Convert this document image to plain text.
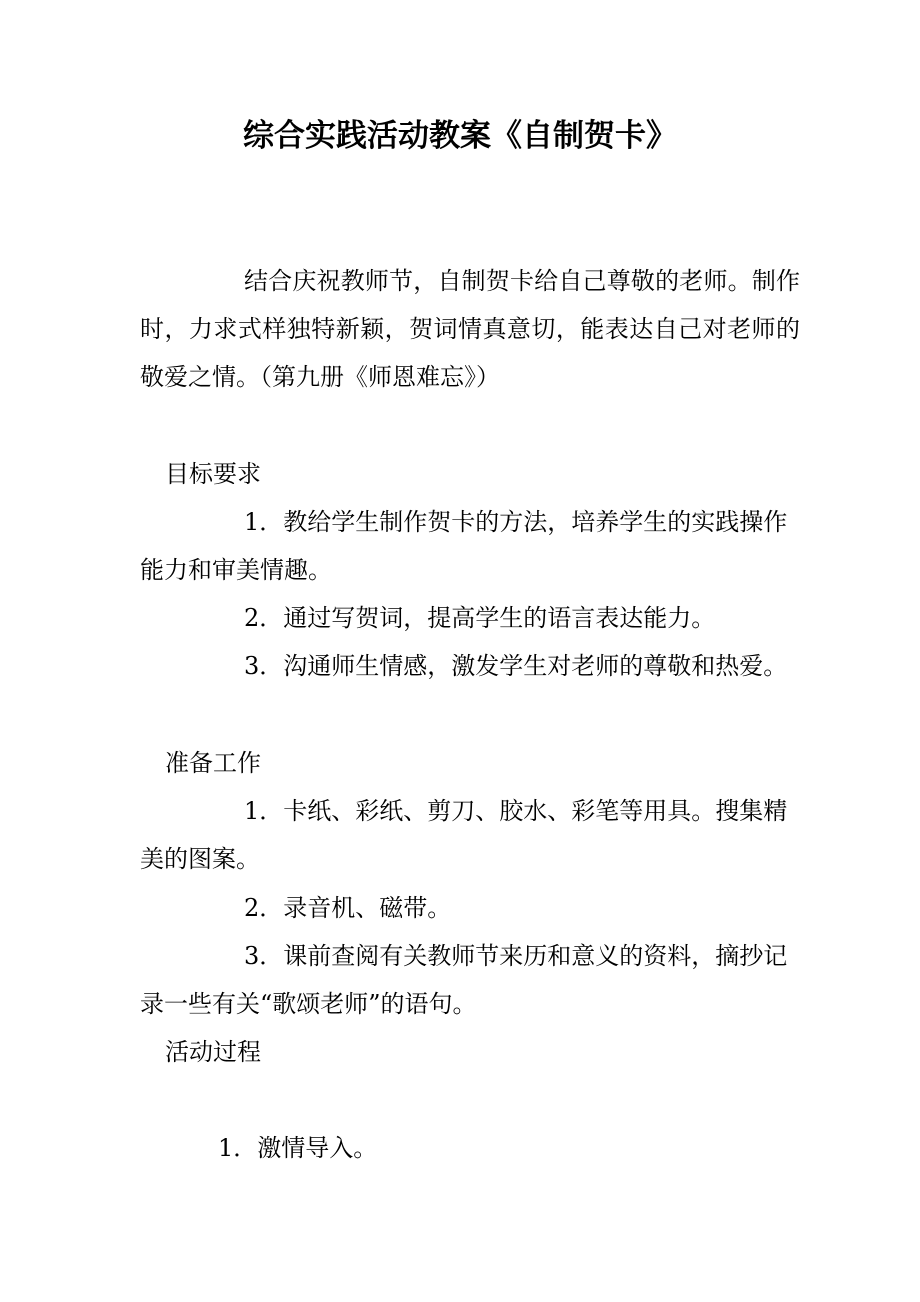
综合实践活动教案《自制贺卡》
结合庆祝教师节，自制贺卡给自己尊敬的老师。制作时，力求式样独特新颖，贺词情真意切，能表达自己对老师的敬爱之情。（第九册《师恩难忘》）
目标要求
1．教给学生制作贺卡的方法，培养学生的实践操作能力和审美情趣。
2．通过写贺词，提高学生的语言表达能力。
3．沟通师生情感，激发学生对老师的尊敬和热爱。
准备工作
1．卡纸、彩纸、剪刀、胶水、彩笔等用具。搜集精美的图案。
2．录音机、磁带。
3．课前查阅有关教师节来历和意义的资料，摘抄记录一些有关“歌颂老师”的语句。
活动过程
1．激情导入。
